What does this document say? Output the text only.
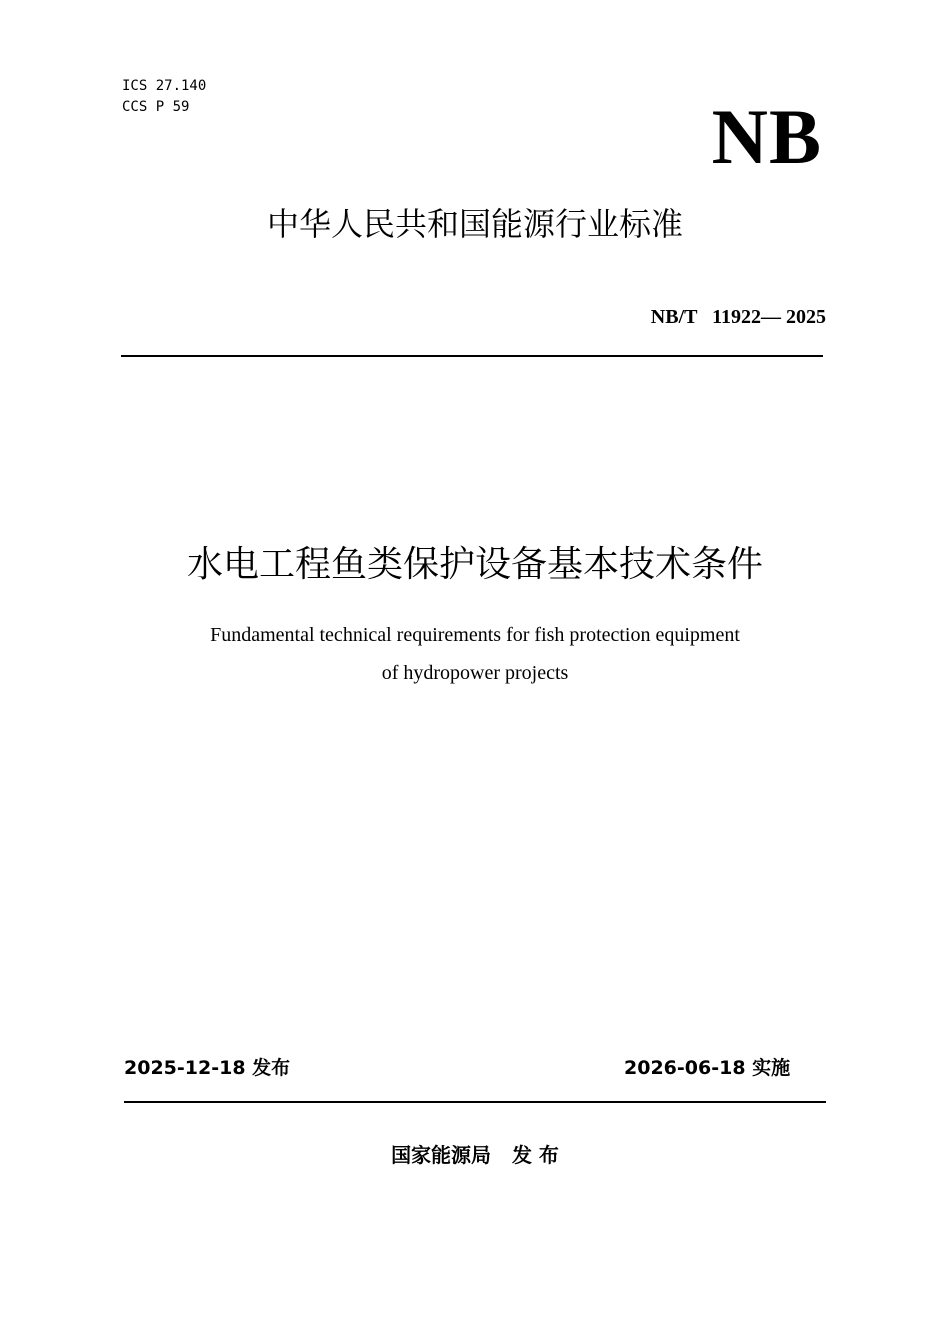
ICS 27.140
CCS P 59	NB
中华人民共和国能源行业标准
NB/T   11922— 2025
水电工程鱼类保护设备基本技术条件
Fundamental technical requirements for fish protection equipment
of hydropower projects
2025-12-18 发布	2026-06-18 实施
国家能源局   发 布
